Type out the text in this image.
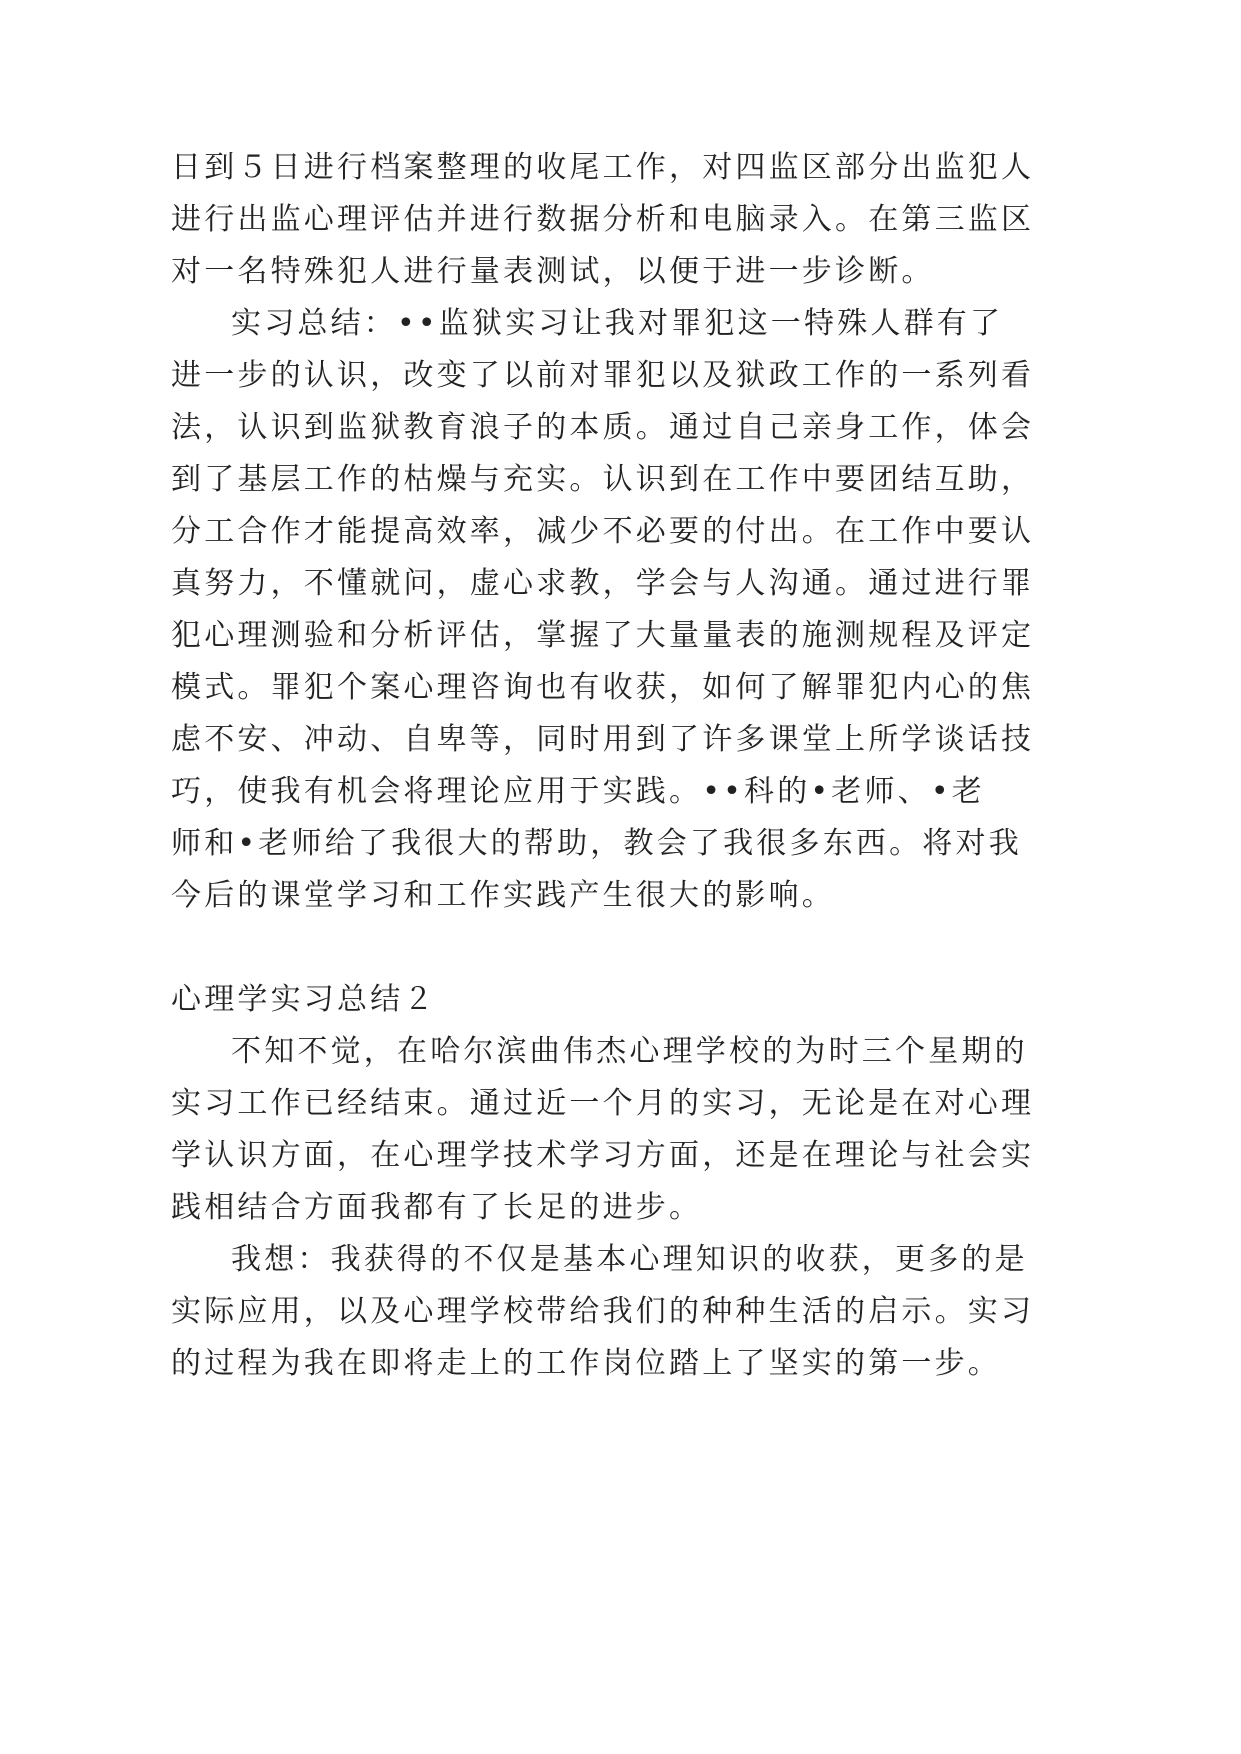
日到５日进行档案整理的收尾工作，对四监区部分出监犯人
进行出监心理评估并进行数据分析和电脑录入。在第三监区
对一名特殊犯人进行量表测试，以便于进一步诊断。
实习总结：••监狱实习让我对罪犯这一特殊人群有了
进一步的认识，改变了以前对罪犯以及狱政工作的一系列看
法，认识到监狱教育浪子的本质。通过自己亲身工作，体会
到了基层工作的枯燥与充实。认识到在工作中要团结互助，
分工合作才能提高效率，减少不必要的付出。在工作中要认
真努力，不懂就问，虚心求教，学会与人沟通。通过进行罪
犯心理测验和分析评估，掌握了大量量表的施测规程及评定
模式。罪犯个案心理咨询也有收获，如何了解罪犯内心的焦
虑不安、冲动、自卑等，同时用到了许多课堂上所学谈话技
巧，使我有机会将理论应用于实践。••科的•老师、•老
师和•老师给了我很大的帮助，教会了我很多东西。将对我
今后的课堂学习和工作实践产生很大的影响。
心理学实习总结２
不知不觉，在哈尔滨曲伟杰心理学校的为时三个星期的
实习工作已经结束。通过近一个月的实习，无论是在对心理
学认识方面，在心理学技术学习方面，还是在理论与社会实
践相结合方面我都有了长足的进步。
我想：我获得的不仅是基本心理知识的收获，更多的是
实际应用，以及心理学校带给我们的种种生活的启示。实习
的过程为我在即将走上的工作岗位踏上了坚实的第一步。
